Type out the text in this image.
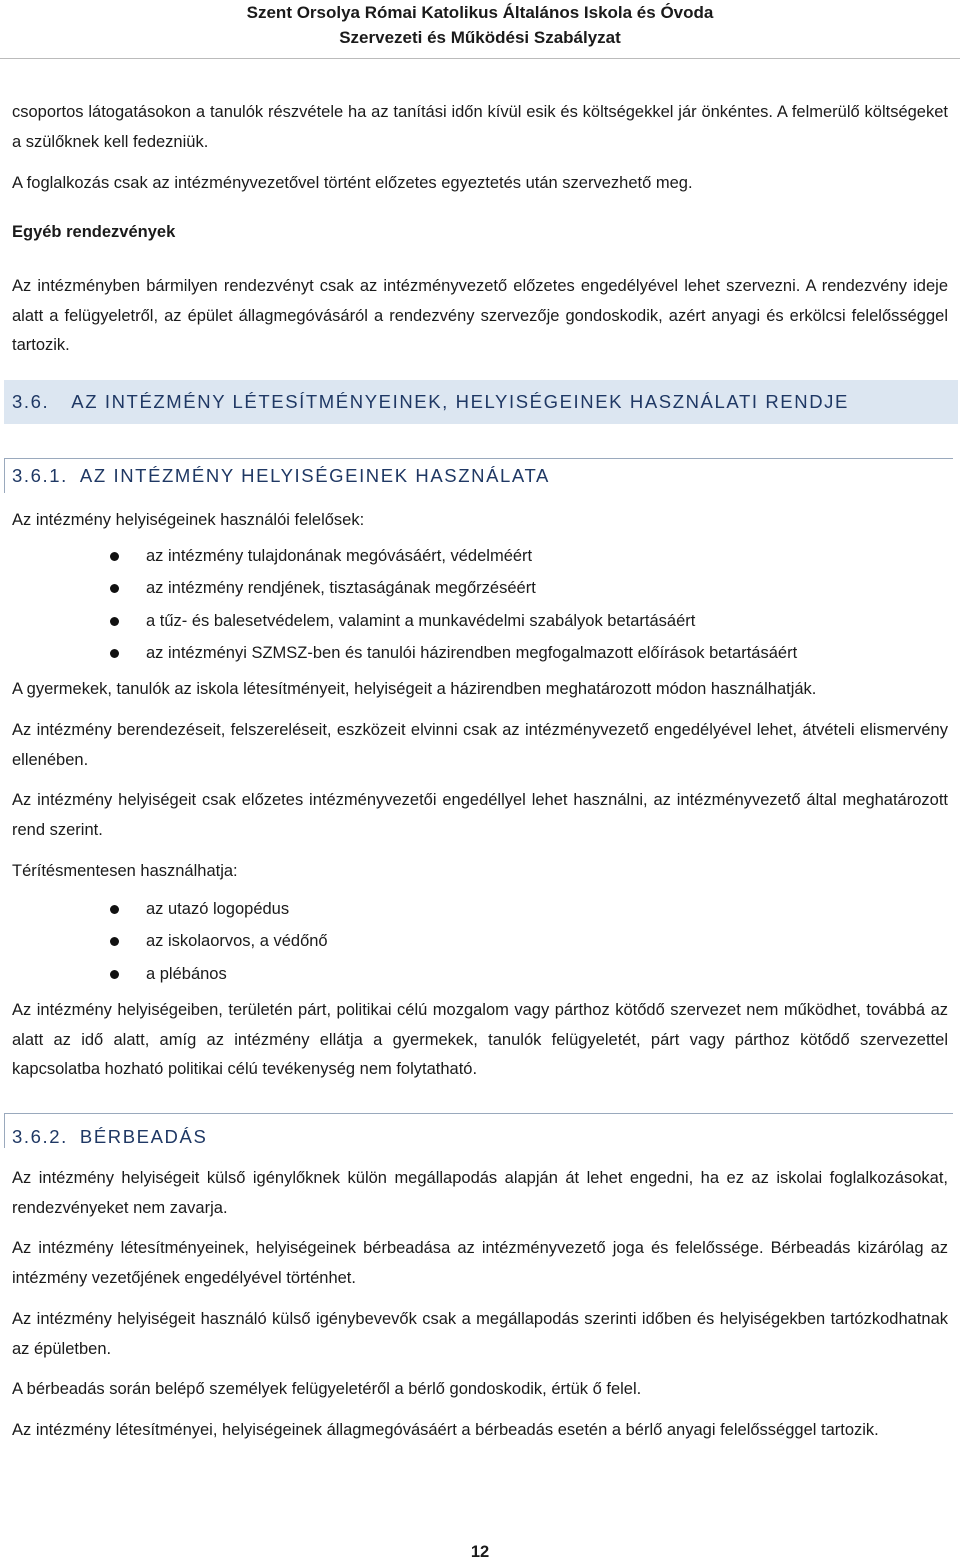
Szent Orsolya Római Katolikus Általános Iskola és Óvoda
Szervezeti és Működési Szabályzat

csoportos látogatásokon a tanulók részvétele ha az tanítási időn kívül esik és költségekkel jár önkéntes. A felmerülő költségeket a szülőknek kell fedezniük.

A foglalkozás csak az intézményvezetővel történt előzetes egyeztetés után szervezhető meg.

Egyéb rendezvények

Az intézményben bármilyen rendezvényt csak az intézményvezető előzetes engedélyével lehet szervezni. A rendezvény ideje alatt a felügyeletről, az épület állagmegóvásáról a rendezvény szervezője gondoskodik, azért anyagi és erkölcsi felelősséggel tartozik.

3.6. AZ INTÉZMÉNY LÉTESÍTMÉNYEINEK, HELYISÉGEINEK HASZNÁLATI RENDJE
3.6.1. AZ INTÉZMÉNY HELYISÉGEINEK HASZNÁLATA

Az intézmény helyiségeinek használói felelősek:

az intézmény tulajdonának megóvásáért, védelméért
az intézmény rendjének, tisztaságának megőrzéséért
a tűz- és balesetvédelem, valamint a munkavédelmi szabályok betartásáért
az intézményi SZMSZ-ben és tanulói házirendben megfogalmazott előírások betartásáért

A gyermekek, tanulók az iskola létesítményeit, helyiségeit a házirendben meghatározott módon használhatják.

Az intézmény berendezéseit, felszereléseit, eszközeit elvinni csak az intézményvezető engedélyével lehet, átvételi elismervény ellenében.

Az intézmény helyiségeit csak előzetes intézményvezetői engedéllyel lehet használni, az intézményvezető által meghatározott rend szerint.

Térítésmentesen használhatja:

az utazó logopédus
az iskolaorvos, a védőnő
a plébános

Az intézmény helyiségeiben, területén párt, politikai célú mozgalom vagy párthoz kötődő szervezet nem működhet, továbbá az alatt az idő alatt, amíg az intézmény ellátja a gyermekek, tanulók felügyeletét, párt vagy párthoz kötődő szervezettel kapcsolatba hozható politikai célú tevékenység nem folytatható.

3.6.2. BÉRBEADÁS

Az intézmény helyiségeit külső igénylőknek külön megállapodás alapján át lehet engedni, ha ez az iskolai foglalkozásokat, rendezvényeket nem zavarja.

Az intézmény létesítményeinek, helyiségeinek bérbeadása az intézményvezető joga és felelőssége. Bérbeadás kizárólag az intézmény vezetőjének engedélyével történhet.

Az intézmény helyiségeit használó külső igénybevevők csak a megállapodás szerinti időben és helyiségekben tartózkodhatnak az épületben.

A bérbeadás során belépő személyek felügyeletéről a bérlő gondoskodik, értük ő felel.

Az intézmény létesítményei, helyiségeinek állagmegóvásáért a bérbeadás esetén a bérlő anyagi felelősséggel tartozik.

12
